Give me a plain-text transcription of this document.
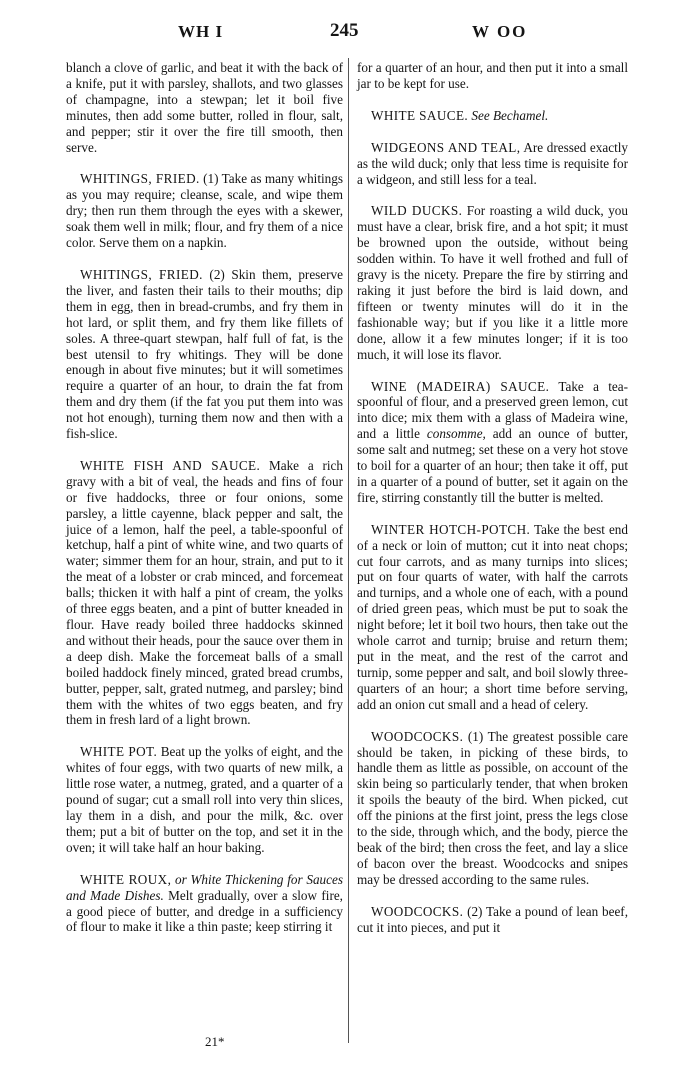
WH I	245	W OO

blanch a clove of garlic, and beat it with the back of a knife, put it with parsley, shallots, and two glasses of champagne, into a stewpan; let it boil five minutes, then add some butter, rolled in flour, salt, and pepper; stir it over the fire till smooth, then serve.

WHITINGS, FRIED. (1) Take as many whitings as you may require; cleanse, scale, and wipe them dry; then run them through the eyes with a skewer, soak them well in milk; flour, and fry them of a nice color. Serve them on a napkin.

WHITINGS, FRIED. (2) Skin them, preserve the liver, and fasten their tails to their mouths; dip them in egg, then in bread-crumbs, and fry them in hot lard, or split them, and fry them like fillets of soles. A three-quart stewpan, half full of fat, is the best utensil to fry whitings. They will be done enough in about five minutes; but it will sometimes require a quarter of an hour, to drain the fat from them and dry them (if the fat you put them into was not hot enough), turning them now and then with a fish-slice.

WHITE FISH AND SAUCE. Make a rich gravy with a bit of veal, the heads and fins of four or five haddocks, three or four onions, some parsley, a little cayenne, black pepper and salt, the juice of a lemon, half the peel, a table-spoonful of ketchup, half a pint of white wine, and two quarts of water; simmer them for an hour, strain, and put to it the meat of a lobster or crab minced, and forcemeat balls; thicken it with half a pint of cream, the yolks of three eggs beaten, and a pint of butter kneaded in flour. Have ready boiled three haddocks skinned and without their heads, pour the sauce over them in a deep dish. Make the forcemeat balls of a small boiled haddock finely minced, grated bread crumbs, butter, pepper, salt, grated nutmeg, and parsley; bind them with the whites of two eggs beaten, and fry them in fresh lard of a light brown.

WHITE POT. Beat up the yolks of eight, and the whites of four eggs, with two quarts of new milk, a little rose water, a nutmeg, grated, and a quarter of a pound of sugar; cut a small roll into very thin slices, lay them in a dish, and pour the milk, &c. over them; put a bit of butter on the top, and set it in the oven; it will take half an hour baking.

WHITE ROUX, or White Thickening for Sauces and Made Dishes. Melt gradually, over a slow fire, a good piece of butter, and dredge in a sufficiency of flour to make it like a thin paste; keep stirring it

for a quarter of an hour, and then put it into a small jar to be kept for use.

WHITE SAUCE. See Bechamel.

WIDGEONS AND TEAL, Are dressed exactly as the wild duck; only that less time is requisite for a widgeon, and still less for a teal.

WILD DUCKS. For roasting a wild duck, you must have a clear, brisk fire, and a hot spit; it must be browned upon the outside, without being sodden within. To have it well frothed and full of gravy is the nicety. Prepare the fire by stirring and raking it just before the bird is laid down, and fifteen or twenty minutes will do it in the fashionable way; but if you like it a little more done, allow it a few minutes longer; if it is too much, it will lose its flavor.

WINE (MADEIRA) SAUCE. Take a tea-spoonful of flour, and a preserved green lemon, cut into dice; mix them with a glass of Madeira wine, and a little consomme, add an ounce of butter, some salt and nutmeg; set these on a very hot stove to boil for a quarter of an hour; then take it off, put in a quarter of a pound of butter, set it again on the fire, stirring constantly till the butter is melted.

WINTER HOTCH-POTCH. Take the best end of a neck or loin of mutton; cut it into neat chops; cut four carrots, and as many turnips into slices; put on four quarts of water, with half the carrots and turnips, and a whole one of each, with a pound of dried green peas, which must be put to soak the night before; let it boil two hours, then take out the whole carrot and turnip; bruise and return them; put in the meat, and the rest of the carrot and turnip, some pepper and salt, and boil slowly three-quarters of an hour; a short time before serving, add an onion cut small and a head of celery.

WOODCOCKS. (1) The greatest possible care should be taken, in picking of these birds, to handle them as little as possible, on account of the skin being so particularly tender, that when broken it spoils the beauty of the bird. When picked, cut off the pinions at the first joint, press the legs close to the side, through which, and the body, pierce the beak of the bird; then cross the feet, and lay a slice of bacon over the breast. Woodcocks and snipes may be dressed according to the same rules.

WOODCOCKS. (2) Take a pound of lean beef, cut it into pieces, and put it

21*
